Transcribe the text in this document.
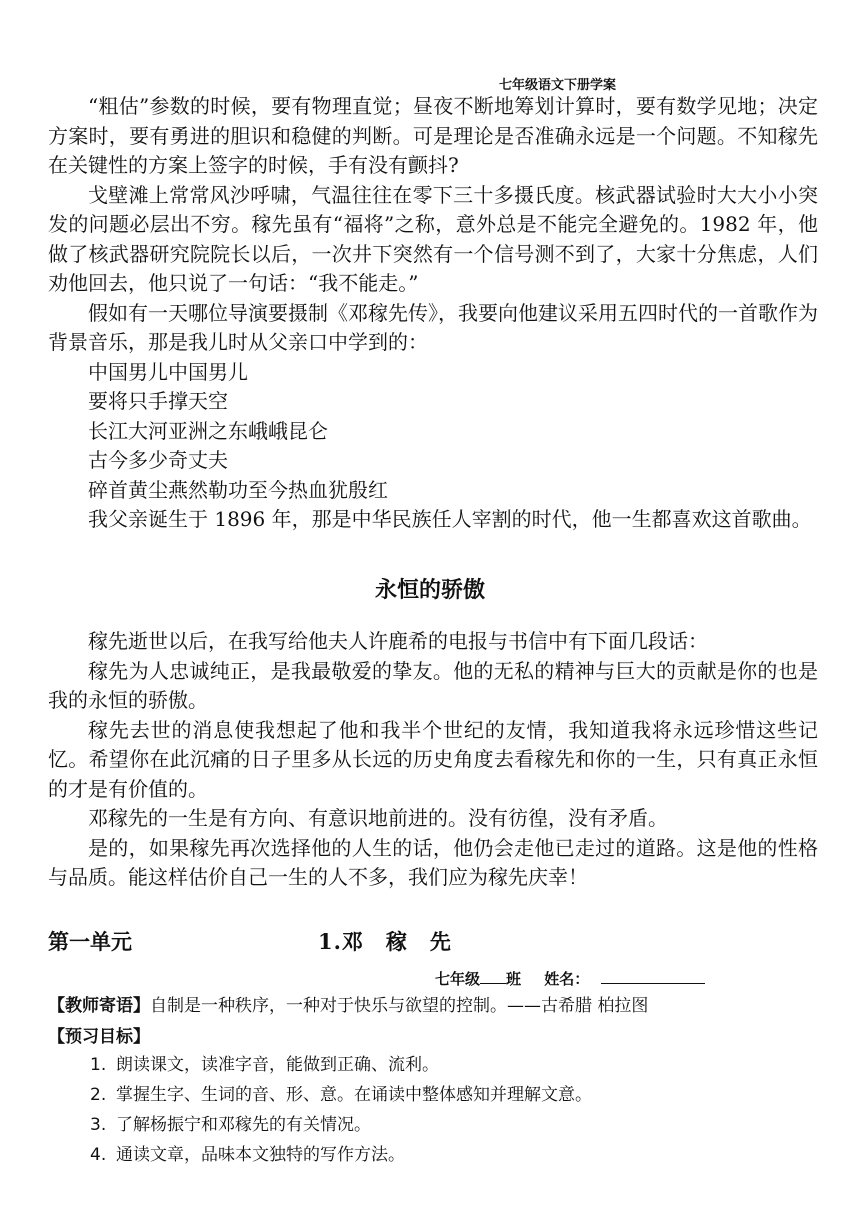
七年级语文下册学案

“粗估”参数的时候，要有物理直觉；昼夜不断地筹划计算时，要有数学见地；决定方案时，要有勇进的胆识和稳健的判断。可是理论是否准确永远是一个问题。不知稼先在关键性的方案上签字的时候，手有没有颤抖?

戈壁滩上常常风沙呼啸，气温往往在零下三十多摄氏度。核武器试验时大大小小突发的问题必层出不穷。稼先虽有“福将”之称，意外总是不能完全避免的。1982 年，他做了核武器研究院院长以后，一次井下突然有一个信号测不到了，大家十分焦虑，人们劝他回去，他只说了一句话：“我不能走。”

假如有一天哪位导演要摄制《邓稼先传》，我要向他建议采用五四时代的一首歌作为背景音乐，那是我儿时从父亲口中学到的：

中国男儿中国男儿

要将只手撑天空

长江大河亚洲之东峨峨昆仑

古今多少奇丈夫

碎首黄尘燕然勒功至今热血犹殷红

我父亲诞生于 1896 年，那是中华民族任人宰割的时代，他一生都喜欢这首歌曲。

永恒的骄傲

稼先逝世以后，在我写给他夫人许鹿希的电报与书信中有下面几段话：

稼先为人忠诚纯正，是我最敬爱的挚友。他的无私的精神与巨大的贡献是你的也是我的永恒的骄傲。

稼先去世的消息使我想起了他和我半个世纪的友情，我知道我将永远珍惜这些记忆。希望你在此沉痛的日子里多从长远的历史角度去看稼先和你的一生，只有真正永恒的才是有价值的。

邓稼先的一生是有方向、有意识地前进的。没有彷徨，没有矛盾。

是的，如果稼先再次选择他的人生的话，他仍会走他已走过的道路。这是他的性格与品质。能这样估价自己一生的人不多，我们应为稼先庆幸！

第一单元	1.邓　稼　先
七年级 班 姓名：
【教师寄语】自制是一种秩序，一种对于快乐与欲望的控制。——古希腊 柏拉图
【预习目标】
1. 朗读课文，读准字音，能做到正确、流利。
2. 掌握生字、生词的音、形、意。在诵读中整体感知并理解文意。
3. 了解杨振宁和邓稼先的有关情况。
4. 通读文章，品味本文独特的写作方法。
